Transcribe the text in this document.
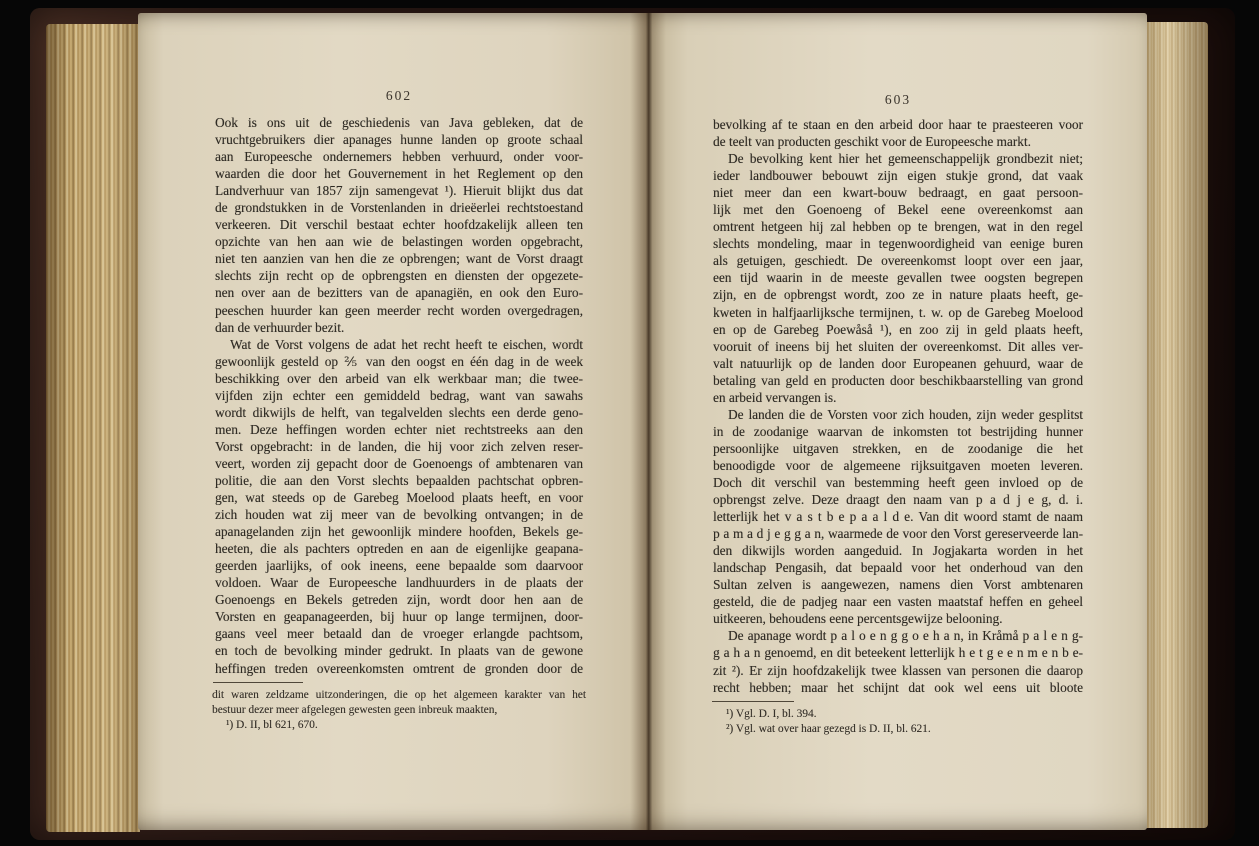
602
Ook is ons uit de geschiedenis van Java gebleken, dat de
vruchtgebruikers dier apanages hunne landen op groote schaal
aan Europeesche ondernemers hebben verhuurd, onder voor-
waarden die door het Gouvernement in het Reglement op den
Landverhuur van 1857 zijn samengevat ¹). Hieruit blijkt dus dat
de grondstukken in de Vorstenlanden in drieëerlei rechtstoestand
verkeeren. Dit verschil bestaat echter hoofdzakelijk alleen ten
opzichte van hen aan wie de belastingen worden opgebracht,
niet ten aanzien van hen die ze opbrengen; want de Vorst draagt
slechts zijn recht op de opbrengsten en diensten der opgezete-
nen over aan de bezitters van de apanagiën, en ook den Euro-
peeschen huurder kan geen meerder recht worden overgedragen,
dan de verhuurder bezit.
Wat de Vorst volgens de adat het recht heeft te eischen, wordt
gewoonlijk gesteld op ⅖ van den oogst en één dag in de week
beschikking over den arbeid van elk werkbaar man; die twee-
vijfden zijn echter een gemiddeld bedrag, want van sawahs
wordt dikwijls de helft, van tegalvelden slechts een derde geno-
men. Deze heffingen worden echter niet rechtstreeks aan den
Vorst opgebracht: in de landen, die hij voor zich zelven reser-
veert, worden zij gepacht door de Goenoengs of ambtenaren van
politie, die aan den Vorst slechts bepaalden pachtschat opbren-
gen, wat steeds op de Garebeg Moelood plaats heeft, en voor
zich houden wat zij meer van de bevolking ontvangen; in de
apanagelanden zijn het gewoonlijk mindere hoofden, Bekels ge-
heeten, die als pachters optreden en aan de eigenlijke geapana-
geerden jaarlijks, of ook ineens, eene bepaalde som daarvoor
voldoen. Waar de Europeesche landhuurders in de plaats der
Goenoengs en Bekels getreden zijn, wordt door hen aan de
Vorsten en geapanageerden, bij huur op lange termijnen, door-
gaans veel meer betaald dan de vroeger erlangde pachtsom,
en toch de bevolking minder gedrukt. In plaats van de gewone
heffingen treden overeenkomsten omtrent de gronden door de
dit waren zeldzame uitzonderingen, die op het algemeen karakter van het
bestuur dezer meer afgelegen gewesten geen inbreuk maakten,
¹) D. II, bl 621, 670.
603
bevolking af te staan en den arbeid door haar te praesteeren voor
de teelt van producten geschikt voor de Europeesche markt.
De bevolking kent hier het gemeenschappelijk grondbezit niet;
ieder landbouwer bebouwt zijn eigen stukje grond, dat vaak
niet meer dan een kwart-bouw bedraagt, en gaat persoon-
lijk met den Goenoeng of Bekel eene overeenkomst aan
omtrent hetgeen hij zal hebben op te brengen, wat in den regel
slechts mondeling, maar in tegenwoordigheid van eenige buren
als getuigen, geschiedt. De overeenkomst loopt over een jaar,
een tijd waarin in de meeste gevallen twee oogsten begrepen
zijn, en de opbrengst wordt, zoo ze in nature plaats heeft, ge-
kweten in halfjaarlijksche termijnen, t. w. op de Garebeg Moelood
en op de Garebeg Poewåså ¹), en zoo zij in geld plaats heeft,
vooruit of ineens bij het sluiten der overeenkomst. Dit alles ver-
valt natuurlijk op de landen door Europeanen gehuurd, waar de
betaling van geld en producten door beschikbaarstelling van grond
en arbeid vervangen is.
De landen die de Vorsten voor zich houden, zijn weder gesplitst
in de zoodanige waarvan de inkomsten tot bestrijding hunner
persoonlijke uitgaven strekken, en de zoodanige die het
benoodigde voor de algemeene rijksuitgaven moeten leveren.
Doch dit verschil van bestemming heeft geen invloed op de
opbrengst zelve. Deze draagt den naam van p a d j e g, d. i.
letterlijk het v a s t b e p a a l d e. Van dit woord stamt de naam
p a m a d j e g g a n, waarmede de voor den Vorst gereserveerde lan-
den dikwijls worden aangeduid. In Jogjakarta worden in het
landschap Pengasih, dat bepaald voor het onderhoud van den
Sultan zelven is aangewezen, namens dien Vorst ambtenaren
gesteld, die de padjeg naar een vasten maatstaf heffen en geheel
uitkeeren, behoudens eene percentsgewijze belooning.
De apanage wordt p a l o e n g g o e h a n, in Kråmå p a l e n g-
g a h a n genoemd, en dit beteekent letterlijk h e t g e e n m e n b e-
zit ²). Er zijn hoofdzakelijk twee klassen van personen die daarop
recht hebben; maar het schijnt dat ook wel eens uit bloote
¹) Vgl. D. I, bl. 394.
²) Vgl. wat over haar gezegd is D. II, bl. 621.
